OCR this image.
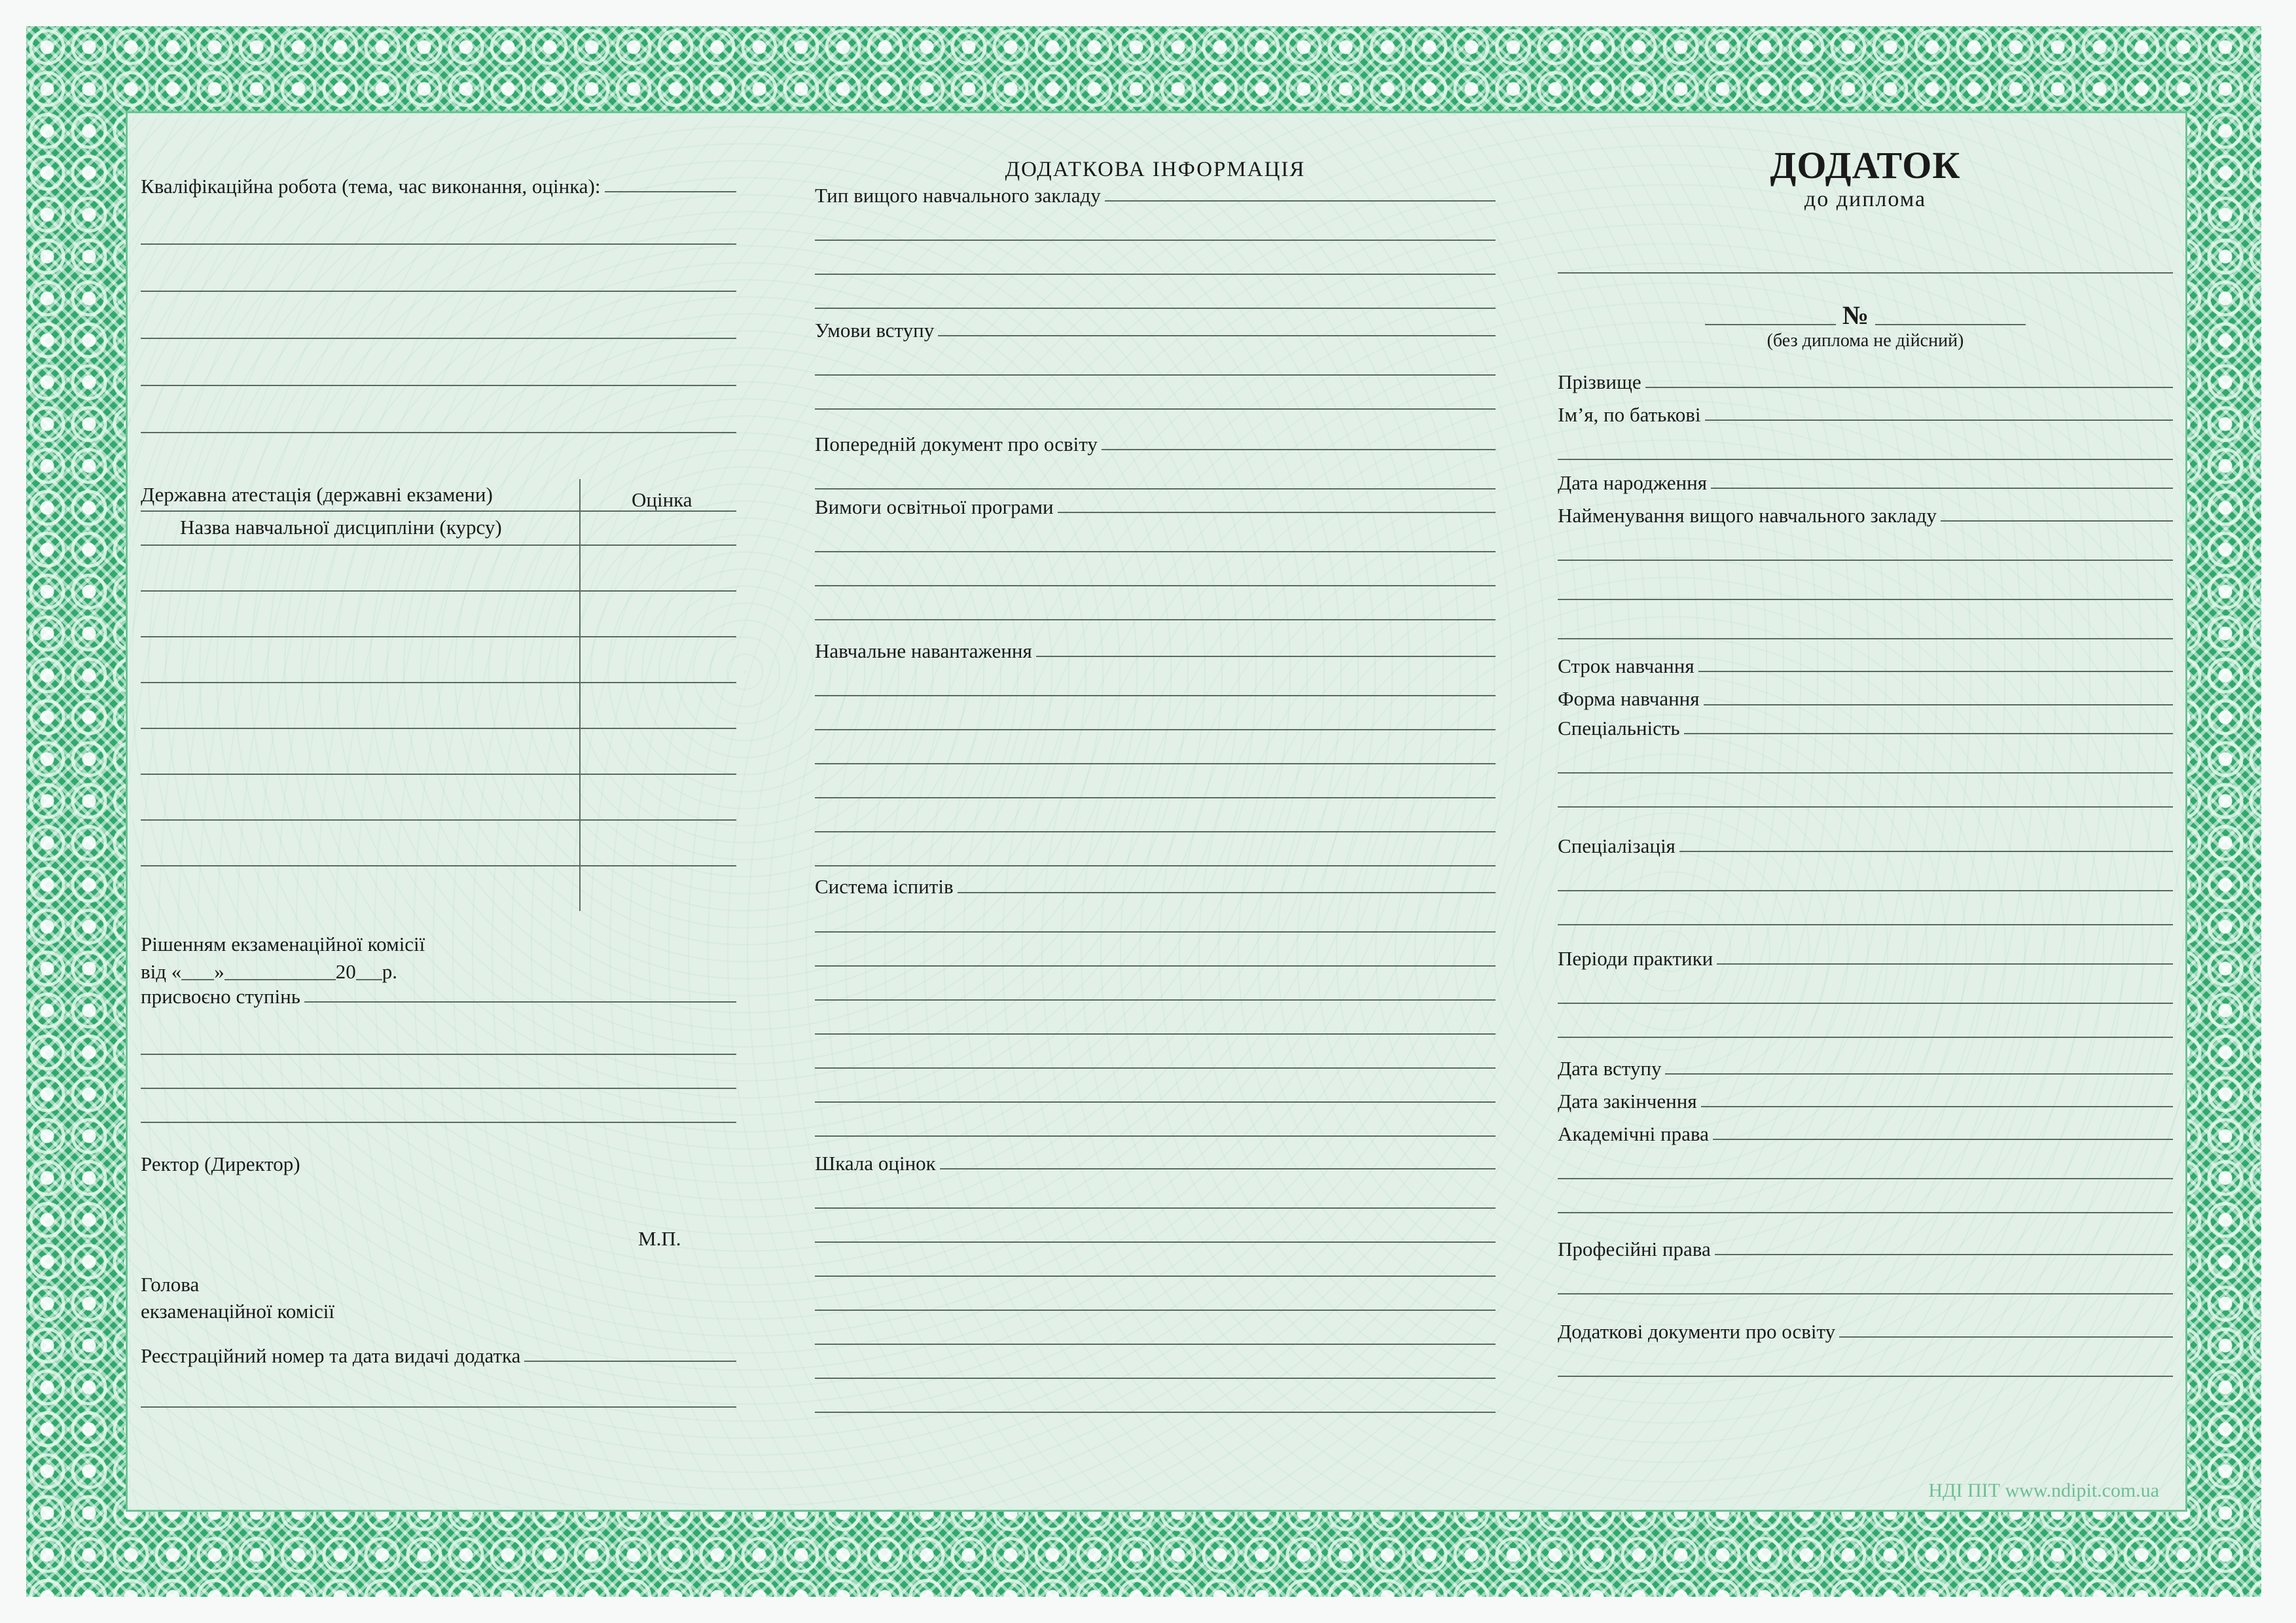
Кваліфікаційна робота (тема, час виконання, оцінка):
Державна атестація (державні екзамени)	Оцінка
Назва навчальної дисципліни (курсу)
Рішенням екзаменаційної комісії
від « »	20 р.
присвоєно ступінь
Ректор (Директор)
М.П.
Голова
екзаменаційної комісії
Реєстраційний номер та дата видачі додатка
ДОДАТКОВА ІНФОРМАЦІЯ
Тип вищого навчального закладу
Умови вступу
Попередній документ про освіту
Вимоги освітньої програми
Навчальне навантаження
Система іспитів
Шкала оцінок
ДОДАТОК
до диплома
№
(без диплома не дійсний)
Прізвище
Ім’я, по батькові
Дата народження
Найменування вищого навчального закладу
Строк навчання
Форма навчання
Спеціальність
Спеціалізація
Періоди практики
Дата вступу
Дата закінчення
Академічні права
Професійні права
Додаткові документи про освіту
НДІ ПІТ www.ndipit.com.ua
